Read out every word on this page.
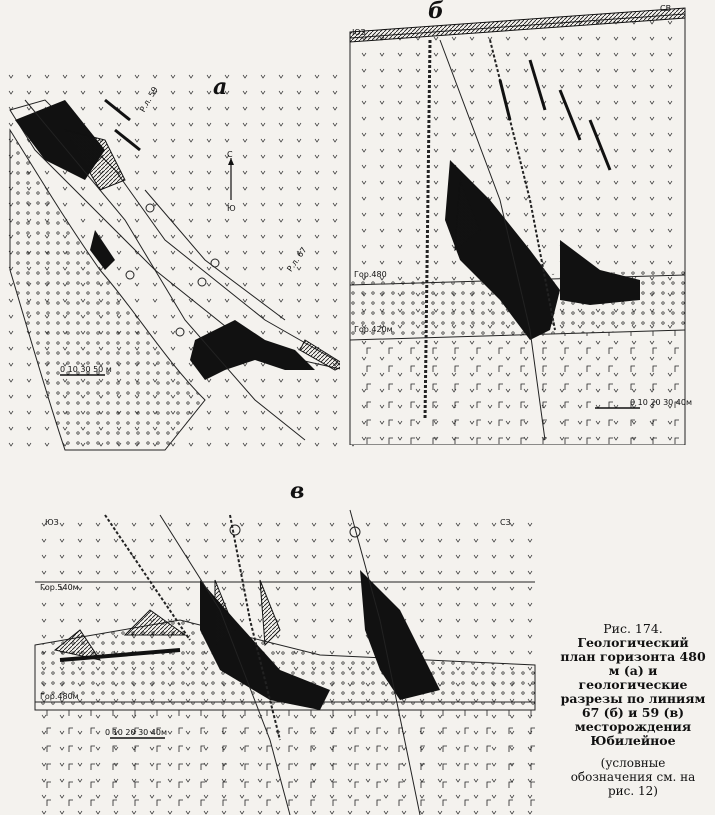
а
С
Ю
Р.л. 59
Р.л. 67
0 10 30 50 м
б
ЮЗ
СВ
Гор.480
Гор.420м
0 10 20 30 40м
в
ЮЗ	СЗ
Гор.540м
Гор.480м
0 10 20 30 40м
Рис. 174. Геологический план горизонта 480 м (а) и геологические разрезы по линиям 67 (б) и 59 (в) месторождения Юбилейное
(условные обозначения см. на рис. 12)
